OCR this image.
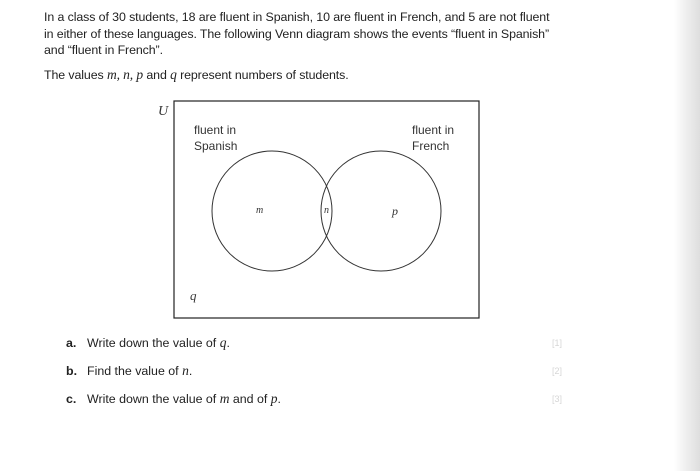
In a class of 30 students, 18 are fluent in Spanish, 10 are fluent in French, and 5 are not fluent
in either of these languages. The following Venn diagram shows the events “fluent in Spanish”
and “fluent in French”.

The values m, n, p and q represent numbers of students.

U
fluent in
Spanish
fluent in
French
m	n	p
q
a. Write down the value of q.
b. Find the value of n.
c. Write down the value of m and of p.
[1]
[2]
[3]
